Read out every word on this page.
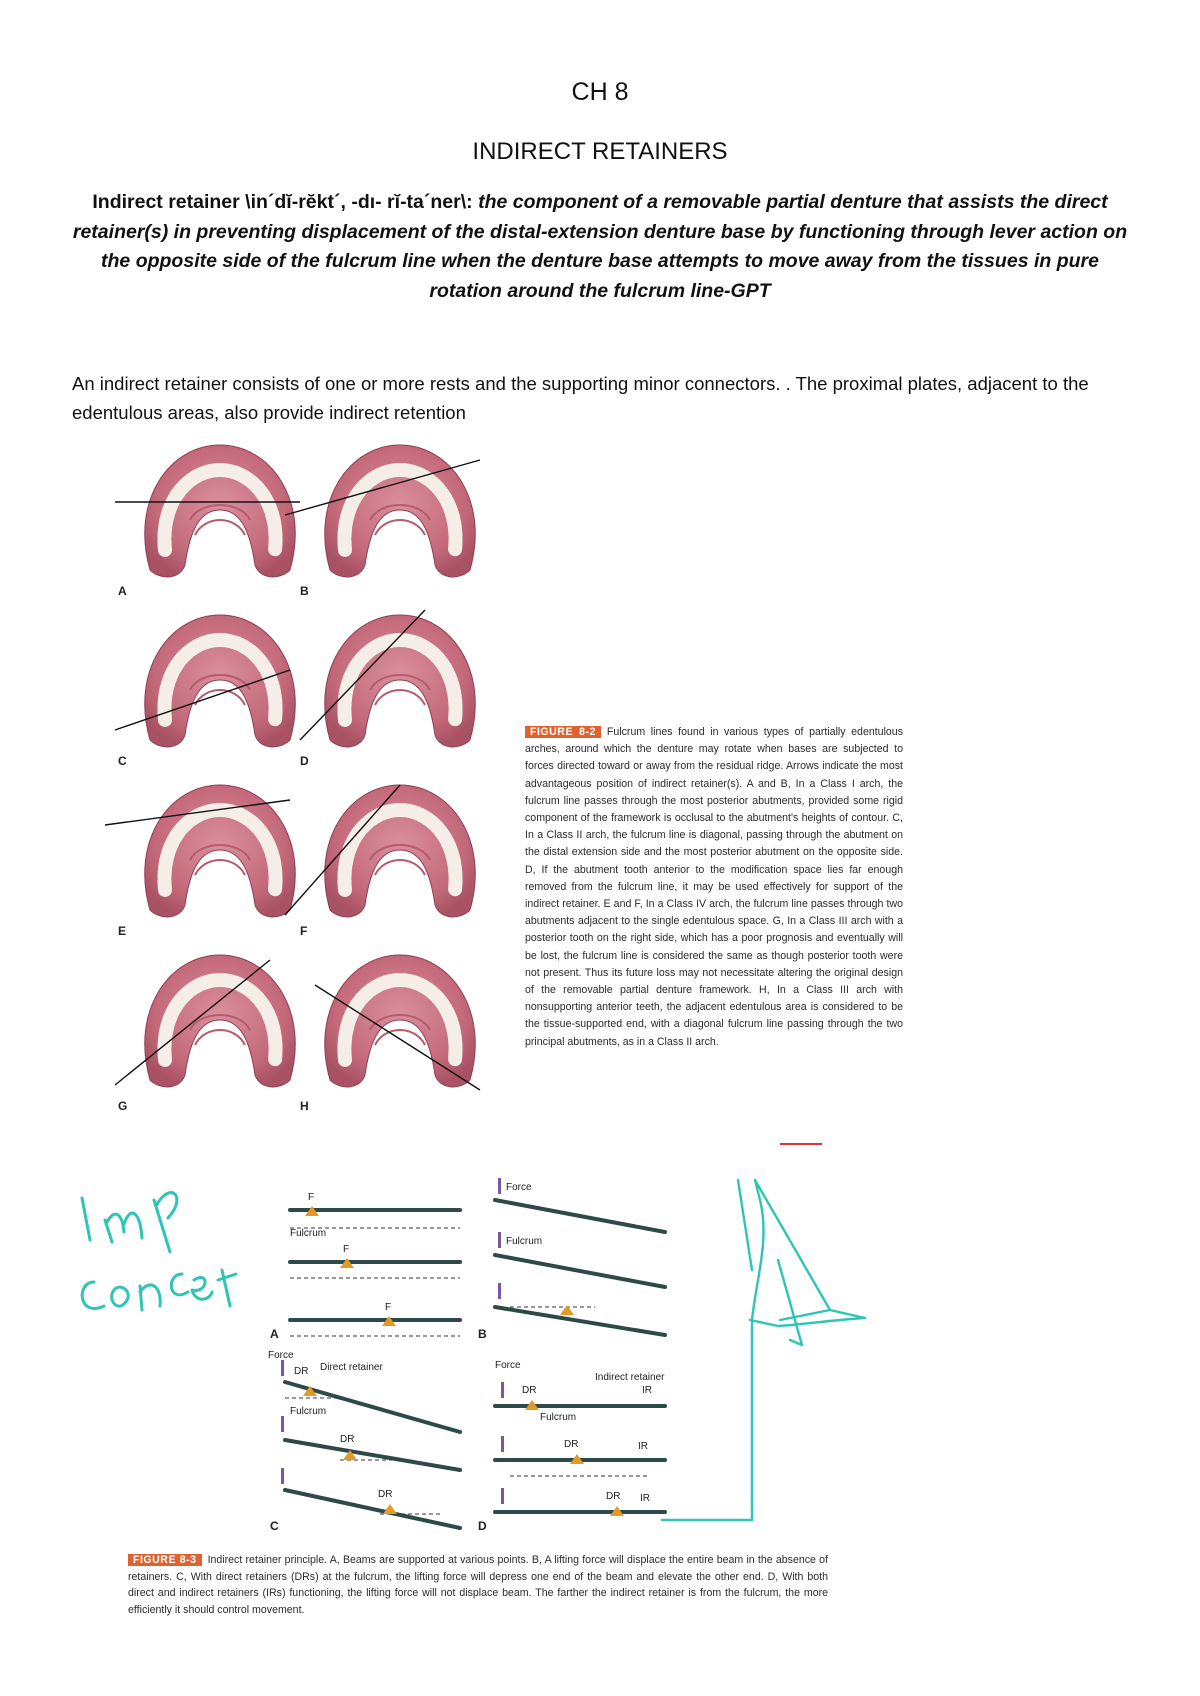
CH 8
INDIRECT RETAINERS
Indirect retainer \in´dĭ-rĕkt´, -dı- rĭ-ta´ner\: the component of a removable partial denture that assists the direct retainer(s) in preventing displacement of the distal-extension denture base by functioning through lever action on the opposite side of the fulcrum line when the denture base attempts to move away from the tissues in pure rotation around the fulcrum line-GPT
An indirect retainer consists of one or more rests and the supporting minor connectors. . The proximal plates, adjacent to the edentulous areas, also provide indirect retention
A	B
C	D
E	F
G	H
FIGURE 8-2 Fulcrum lines found in various types of partially edentulous arches, around which the denture may rotate when bases are subjected to forces directed toward or away from the residual ridge. Arrows indicate the most advantageous position of indirect retainer(s). A and B, In a Class I arch, the fulcrum line passes through the most posterior abutments, provided some rigid component of the framework is occlusal to the abutment's heights of contour. C, In a Class II arch, the fulcrum line is diagonal, passing through the abutment on the distal extension side and the most posterior abutment on the opposite side. D, If the abutment tooth anterior to the modification space lies far enough removed from the fulcrum line, it may be used effectively for support of the indirect retainer. E and F, In a Class IV arch, the fulcrum line passes through two abutments adjacent to the single edentulous space. G, In a Class III arch with a posterior tooth on the right side, which has a poor prognosis and eventually will be lost, the fulcrum line is considered the same as though posterior tooth were not present. Thus its future loss may not necessitate altering the original design of the removable partial denture framework. H, In a Class III arch with nonsupporting anterior teeth, the adjacent edentulous area is considered to be the tissue-supported end, with a diagonal fulcrum line passing through the two principal abutments, as in a Class II arch.
F
Fulcrum
F
F
Force
Fulcrum
Force
DR Direct retainer
Fulcrum
DR
DR
Force
DR
Indirect retainer
IR
Fulcrum
DR	IR
DR IR
A	B
C	D
FIGURE 8-3 Indirect retainer principle. A, Beams are supported at various points. B, A lifting force will displace the entire beam in the absence of retainers. C, With direct retainers (DRs) at the fulcrum, the lifting force will depress one end of the beam and elevate the other end. D, With both direct and indirect retainers (IRs) functioning, the lifting force will not displace beam. The farther the indirect retainer is from the fulcrum, the more efficiently it should control movement.
